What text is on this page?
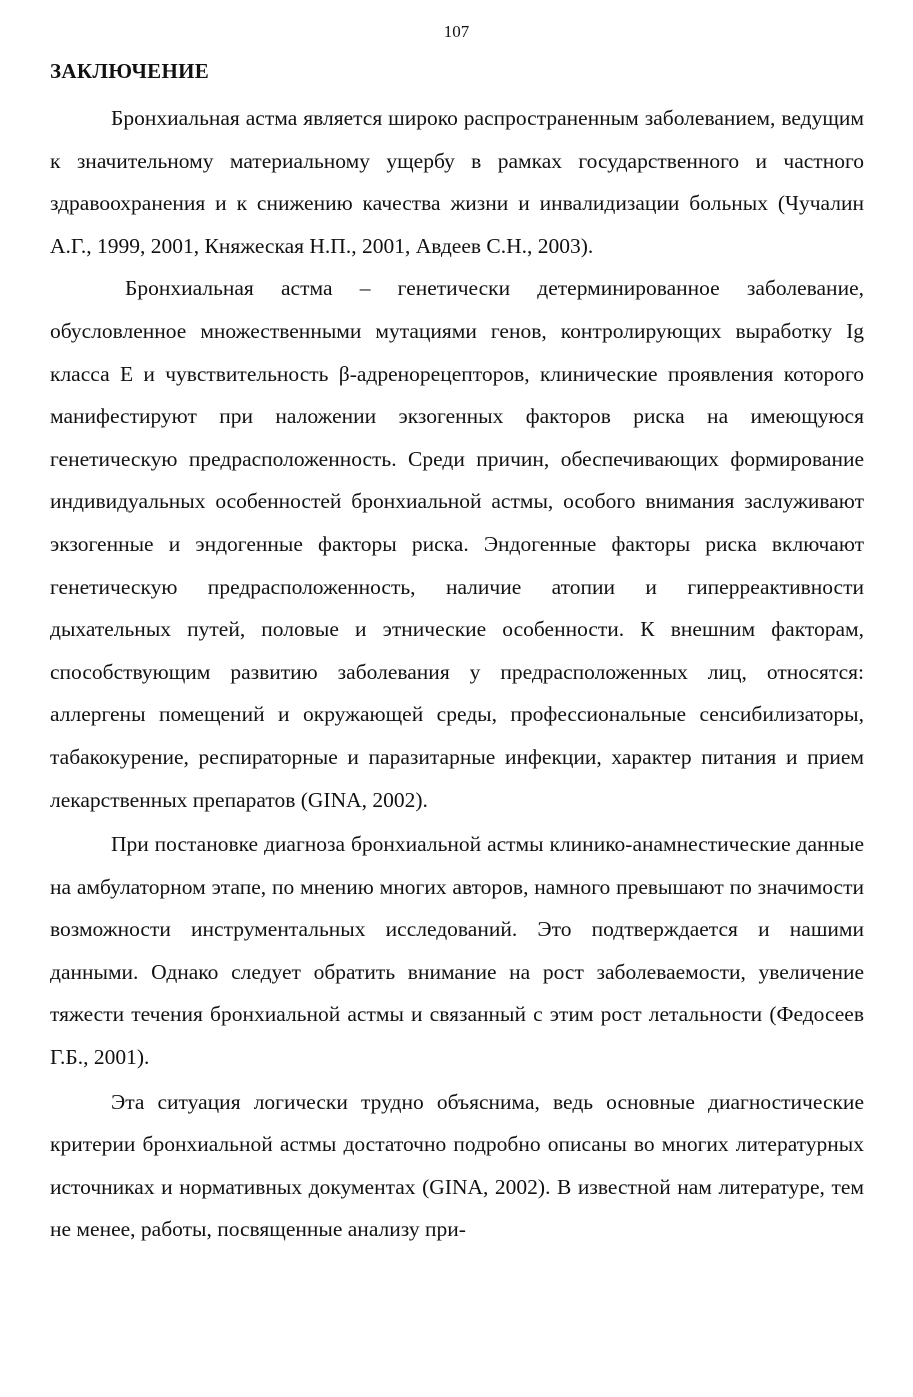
107
ЗАКЛЮЧЕНИЕ

Бронхиальная астма является широко распространенным заболеванием, ведущим к значительному материальному ущербу в рамках государственного и частного здравоохранения и к снижению качества жизни и инвалидизации больных (Чучалин А.Г., 1999, 2001, Княжеская Н.П., 2001, Авдеев С.Н., 2003).

Бронхиальная астма – генетически детерминированное заболевание, обусловленное множественными мутациями генов, контролирующих выработку Ig класса Е и чувствительность β-адренорецепторов, клинические проявления которого манифестируют при наложении экзогенных факторов риска на имеющуюся генетическую предрасположенность. Среди причин, обеспечивающих формирование индивидуальных особенностей бронхиальной астмы, особого внимания заслуживают экзогенные и эндогенные факторы риска. Эндогенные факторы риска включают генетическую предрасположенность, наличие атопии и гиперреактивности дыхательных путей, половые и этнические особенности. К внешним факторам, способствующим развитию заболевания у предрасположенных лиц, относятся: аллергены помещений и окружающей среды, профессиональные сенсибилизаторы, табакокурение, респираторные и паразитарные инфекции, характер питания и прием лекарственных препаратов (GINA, 2002).

При постановке диагноза бронхиальной астмы клинико-анамнестические данные на амбулаторном этапе, по мнению многих авторов, намного превышают по значимости возможности инструментальных исследований. Это подтверждается и нашими данными. Однако следует обратить внимание на рост заболеваемости, увеличение тяжести течения бронхиальной астмы и связанный с этим рост летальности (Федосеев Г.Б., 2001).

Эта ситуация логически трудно объяснима, ведь основные диагностические критерии бронхиальной астмы достаточно подробно описаны во многих литературных источниках и нормативных документах (GINA, 2002). В известной нам литературе, тем не менее, работы, посвященные анализу при-
